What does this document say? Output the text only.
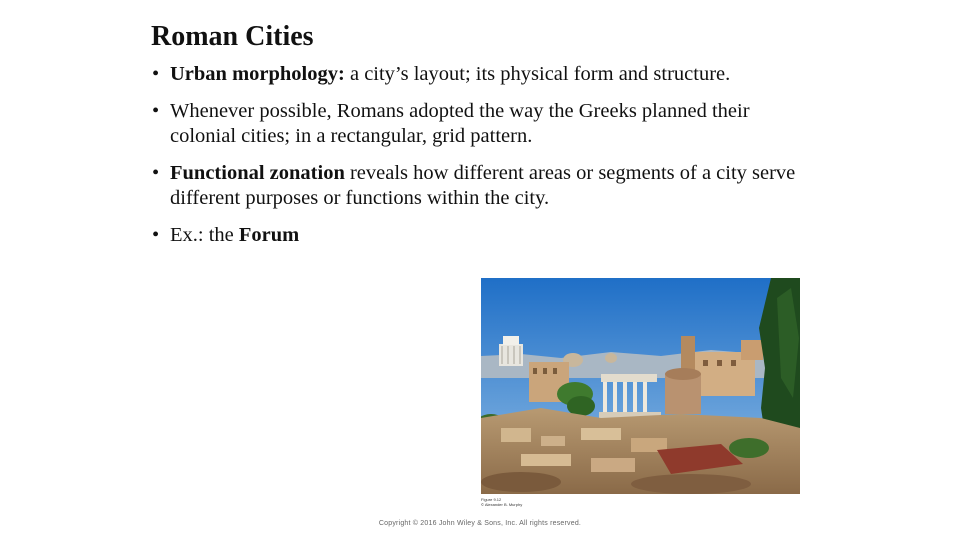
Roman Cities
• Urban morphology: a city’s layout; its physical form and structure.
• Whenever possible, Romans adopted the way the Greeks planned their colonial cities; in a rectangular, grid pattern.
• Functional zonation reveals how different areas or segments of a city serve different purposes or functions within the city.
• Ex.: the Forum
Figure 9.12
© Alexander B. Murphy
Copyright © 2016 John Wiley & Sons, Inc. All rights reserved.
